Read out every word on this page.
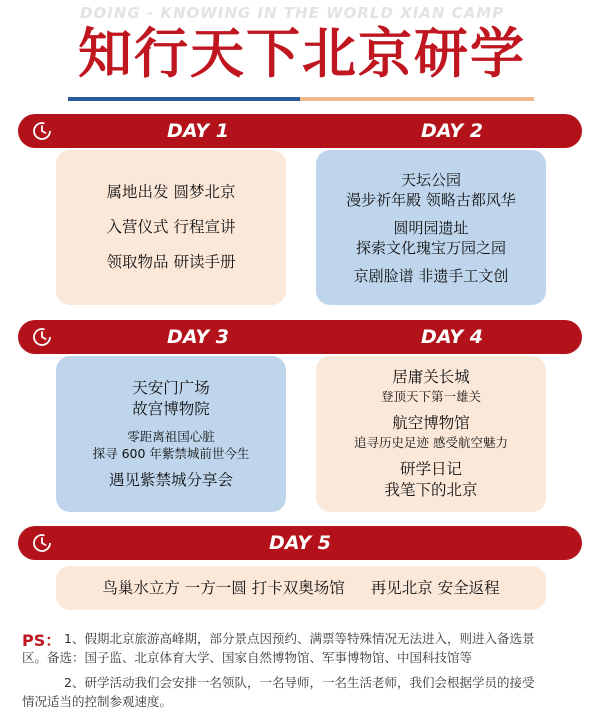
DOING - KNOWING IN THE WORLD XIAN CAMP
知行天下北京研学
DAY 1	DAY 2
属地出发 圆梦北京
入营仪式 行程宣讲
领取物品 研读手册
天坛公园
漫步祈年殿 领略古都风华
圆明园遗址
探索文化瑰宝万园之园
京剧脸谱 非遗手工文创
DAY 3	DAY 4
天安门广场
故宫博物院
零距离祖国心脏
探寻 600 年紫禁城前世今生
遇见紫禁城分享会
居庸关长城
登顶天下第一雄关
航空博物馆
追寻历史足迹 感受航空魅力
研学日记
我笔下的北京
DAY 5
鸟巢水立方 一方一圆 打卡双奥场馆 再见北京 安全返程
PS： 1、假期北京旅游高峰期，部分景点因预约、满票等特殊情况无法进入，则进入备选景
区。备选：国子监、北京体育大学、国家自然博物馆、军事博物馆、中国科技馆等
2、研学活动我们会安排一名领队，一名导师，一名生活老师，我们会根据学员的接受
情况适当的控制参观速度。
